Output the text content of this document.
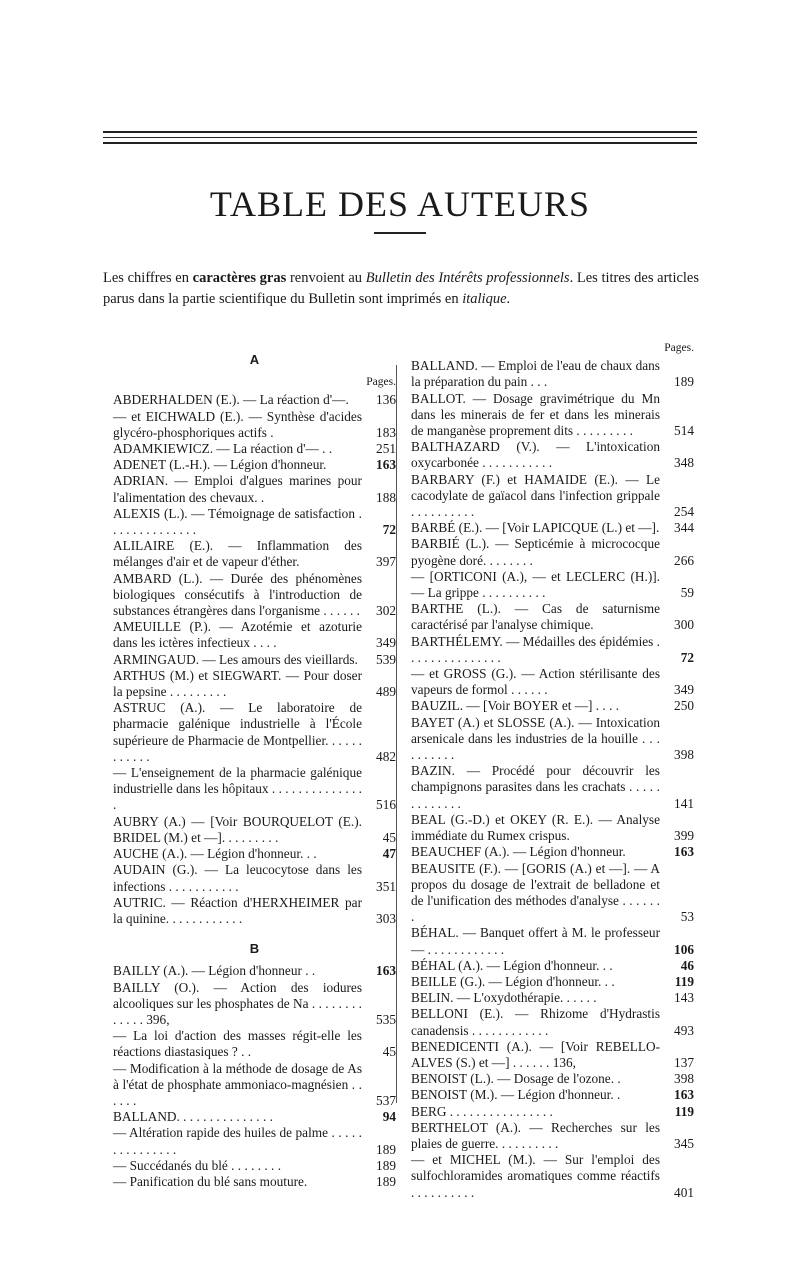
TABLE DES AUTEURS
Les chiffres en caractères gras renvoient au Bulletin des Intérêts professionnels. Les titres des articles parus dans la partie scientifique du Bulletin sont imprimés en italique.
A
Pages.
ABDERHALDEN (E.). — La réaction d'—.	136
— et EICHWALD (E.). — Synthèse d'acides glycéro-phosphoriques actifs .	183
ADAMKIEWICZ. — La réaction d'— . .	251
ADENET (L.-H.). — Légion d'honneur.	163
ADRIAN. — Emploi d'algues marines pour l'alimentation des chevaux. .	188
ALEXIS (L.). — Témoignage de satisfaction . . . . . . . . . . . . . .	72
ALILAIRE (E.). — Inflammation des mélanges d'air et de vapeur d'éther.	397
AMBARD (L.). — Durée des phénomènes biologiques consécutifs à l'introduction de substances étrangères dans l'organisme . . . . . .	302
AMEUILLE (P.). — Azotémie et azoturie dans les ictères infectieux . . . .	349
ARMINGAUD. — Les amours des vieillards.	539
ARTHUS (M.) et SIEGWART. — Pour doser la pepsine . . . . . . . . .	489
ASTRUC (A.). — Le laboratoire de pharmacie galénique industrielle à l'École supérieure de Pharmacie de Montpellier. . . . . . . . . . . .	482
— L'enseignement de la pharmacie galénique industrielle dans les hôpitaux . . . . . . . . . . . . . . .	516
AUBRY (A.) — [Voir BOURQUELOT (E.). BRIDEL (M.) et —]. . . . . . . . .	45
AUCHE (A.). — Légion d'honneur. . .	47
AUDAIN (G.). — La leucocytose dans les infections . . . . . . . . . . .	351
AUTRIC. — Réaction d'HERXHEIMER par la quinine. . . . . . . . . . . .	303
B
BAILLY (A.). — Légion d'honneur . .	163
BAILLY (O.). — Action des iodures alcooliques sur les phosphates de Na . . . . . . . . . . . . . 396,	535
— La loi d'action des masses régit-elle les réactions diastasiques ? . .	45
— Modification à la méthode de dosage de As à l'état de phosphate ammoniaco-magnésien . . . . . .	537
BALLAND. . . . . . . . . . . . . . .	94
— Altération rapide des huiles de palme . . . . . . . . . . . . . . .	189
— Succédanés du blé . . . . . . . .	189
— Panification du blé sans mouture.	189
Pages.
BALLAND. — Emploi de l'eau de chaux dans la préparation du pain . . .	189
BALLOT. — Dosage gravimétrique du Mn dans les minerais de fer et dans les minerais de manganèse proprement dits . . . . . . . . .	514
BALTHAZARD (V.). — L'intoxication oxycarbonée . . . . . . . . . . .	348
BARBARY (F.) et HAMAIDE (E.). — Le cacodylate de gaïacol dans l'infection grippale . . . . . . . . . .	254
BARBÉ (E.). — [Voir LAPICQUE (L.) et —].	344
BARBIÉ (L.). — Septicémie à micrococque pyogène doré. . . . . . . .	266
— [ORTICONI (A.), — et LECLERC (H.)]. — La grippe . . . . . . . . . .	59
BARTHE (L.). — Cas de saturnisme caractérisé par l'analyse chimique.	300
BARTHÉLEMY. — Médailles des épidémies . . . . . . . . . . . . . . .	72
— et GROSS (G.). — Action stérilisante des vapeurs de formol . . . . . .	349
BAUZIL. — [Voir BOYER et —] . . . .	250
BAYET (A.) et SLOSSE (A.). — Intoxication arsenicale dans les industries de la houille . . . . . . . . . .	398
BAZIN. — Procédé pour découvrir les champignons parasites dans les crachats . . . . . . . . . . . . .	141
BEAL (G.-D.) et OKEY (R. E.). — Analyse immédiate du Rumex crispus.	399
BEAUCHEF (A.). — Légion d'honneur.	163
BEAUSITE (F.). — [GORIS (A.) et —]. — A propos du dosage de l'extrait de belladone et de l'unification des méthodes d'analyse . . . . . . .	53
BÉHAL. — Banquet offert à M. le professeur — . . . . . . . . . . . .	106
BÉHAL (A.). — Légion d'honneur. . .	46
BEILLE (G.). — Légion d'honneur. . .	119
BELIN. — L'oxydothérapie. . . . . .	143
BELLONI (E.). — Rhizome d'Hydrastis canadensis . . . . . . . . . . . .	493
BENEDICENTI (A.). — [Voir REBELLO-ALVES (S.) et —] . . . . . . 136,	137
BENOIST (L.). — Dosage de l'ozone. .	398
BENOIST (M.). — Légion d'honneur. .	163
BERG . . . . . . . . . . . . . . . .	119
BERTHELOT (A.). — Recherches sur les plaies de guerre. . . . . . . . . .	345
— et MICHEL (M.). — Sur l'emploi des sulfochloramides aromatiques comme réactifs . . . . . . . . . .	401
